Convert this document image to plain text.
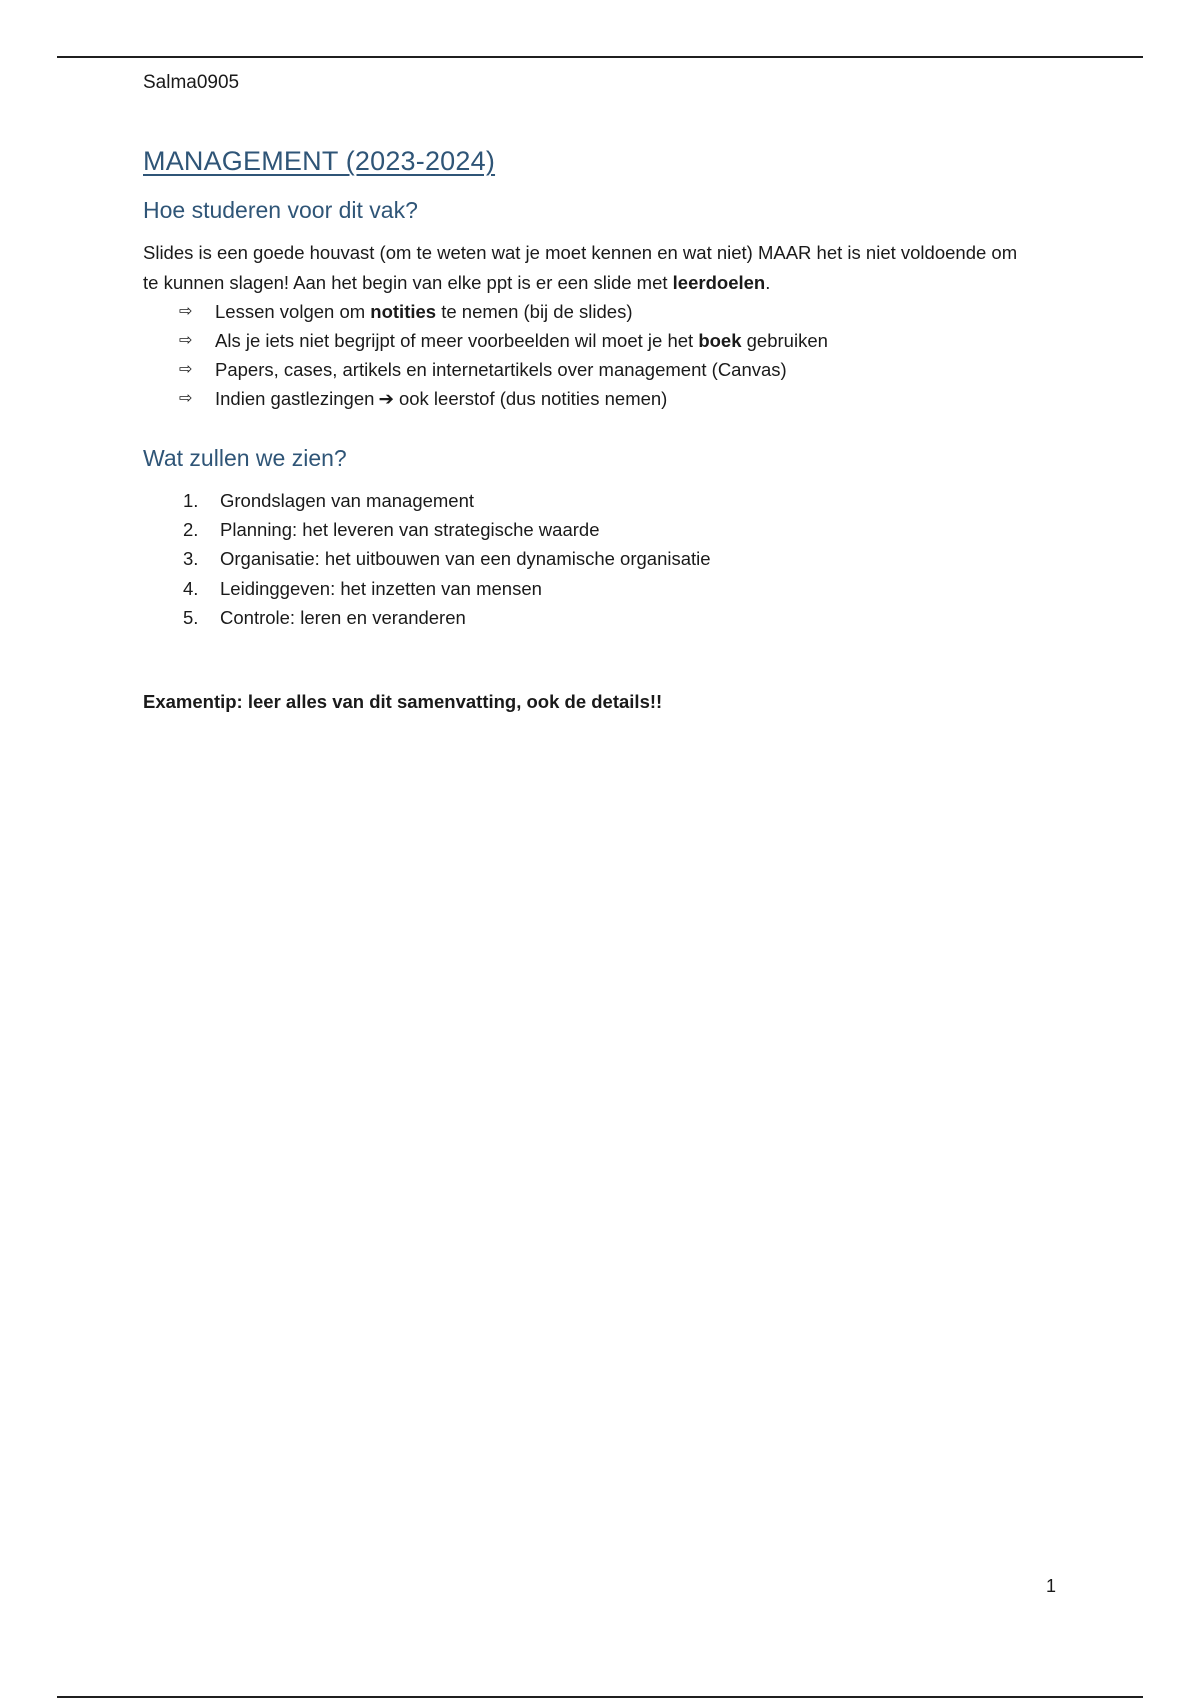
Salma0905

MANAGEMENT (2023-2024)
Hoe studeren voor dit vak?

Slides is een goede houvast (om te weten wat je moet kennen en wat niet) MAAR het is niet voldoende om te kunnen slagen! Aan het begin van elke ppt is er een slide met leerdoelen.

⇨	Lessen volgen om notities te nemen (bij de slides)
⇨	Als je iets niet begrijpt of meer voorbeelden wil moet je het boek gebruiken
⇨	Papers, cases, artikels en internetartikels over management (Canvas)
⇨	Indien gastlezingen ➔ ook leerstof (dus notities nemen)
Wat zullen we zien?
1.	Grondslagen van management
2.	Planning: het leveren van strategische waarde
3.	Organisatie: het uitbouwen van een dynamische organisatie
4.	Leidinggeven: het inzetten van mensen
5.	Controle: leren en veranderen

Examentip: leer alles van dit samenvatting, ook de details!!

1
